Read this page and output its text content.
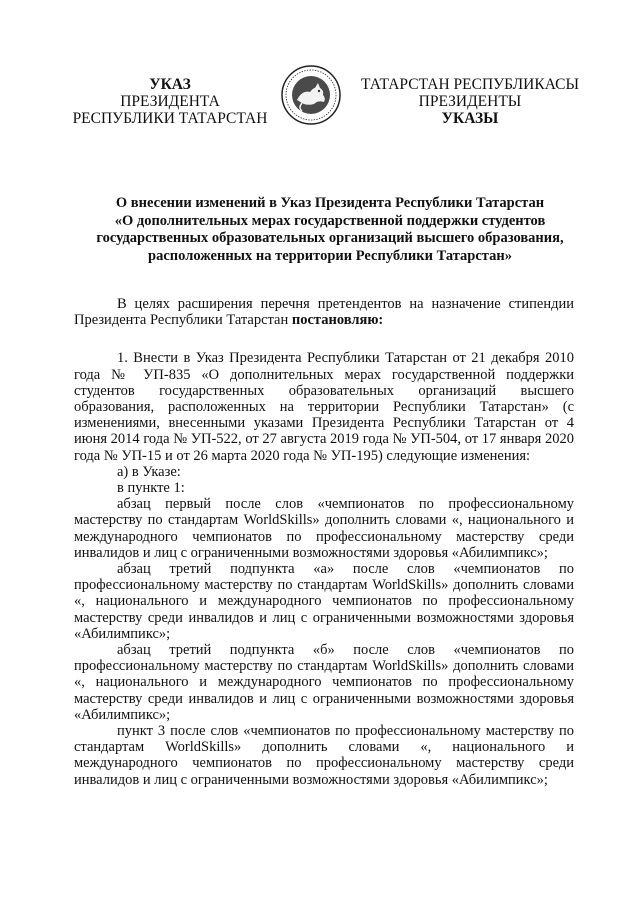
УКАЗ
ПРЕЗИДЕНТА
РЕСПУБЛИКИ ТАТАРСТАН
ТАТАРСТАН РЕСПУБЛИКАСЫ
ПРЕЗИДЕНТЫ
УКАЗЫ
О внесении изменений в Указ Президента Республики Татарстан
«О дополнительных мерах государственной поддержки студентов
государственных образовательных организаций высшего образования,
расположенных на территории Республики Татарстан»

В целях расширения перечня претендентов на назначение стипендии Президента Республики Татарстан постановляю:

1. Внести в Указ Президента Республики Татарстан от 21 декабря 2010 года № УП-835 «О дополнительных мерах государственной поддержки студентов государственных образовательных организаций высшего образования, расположенных на территории Республики Татарстан» (с изменениями, внесенными указами Президента Республики Татарстан от 4 июня 2014 года № УП-522, от 27 августа 2019 года № УП-504, от 17 января 2020 года № УП-15 и от 26 марта 2020 года № УП-195) следующие изменения:

а) в Указе:

в пункте 1:

абзац первый после слов «чемпионатов по профессиональному мастерству по стандартам WorldSkills» дополнить словами «, национального и международного чемпионатов по профессиональному мастерству среди инвалидов и лиц с ограниченными возможностями здоровья «Абилимпикс»;

абзац третий подпункта «а» после слов «чемпионатов по профессиональному мастерству по стандартам WorldSkills» дополнить словами «, национального и международного чемпионатов по профессиональному мастерству среди инвалидов и лиц с ограниченными возможностями здоровья «Абилимпикс»;

абзац третий подпункта «б» после слов «чемпионатов по профессиональному мастерству по стандартам WorldSkills» дополнить словами «, национального и международного чемпионатов по профессиональному мастерству среди инвалидов и лиц с ограниченными возможностями здоровья «Абилимпикс»;

пункт 3 после слов «чемпионатов по профессиональному мастерству по стандартам WorldSkills» дополнить словами «, национального и международного чемпионатов по профессиональному мастерству среди инвалидов и лиц с ограниченными возможностями здоровья «Абилимпикс»;
